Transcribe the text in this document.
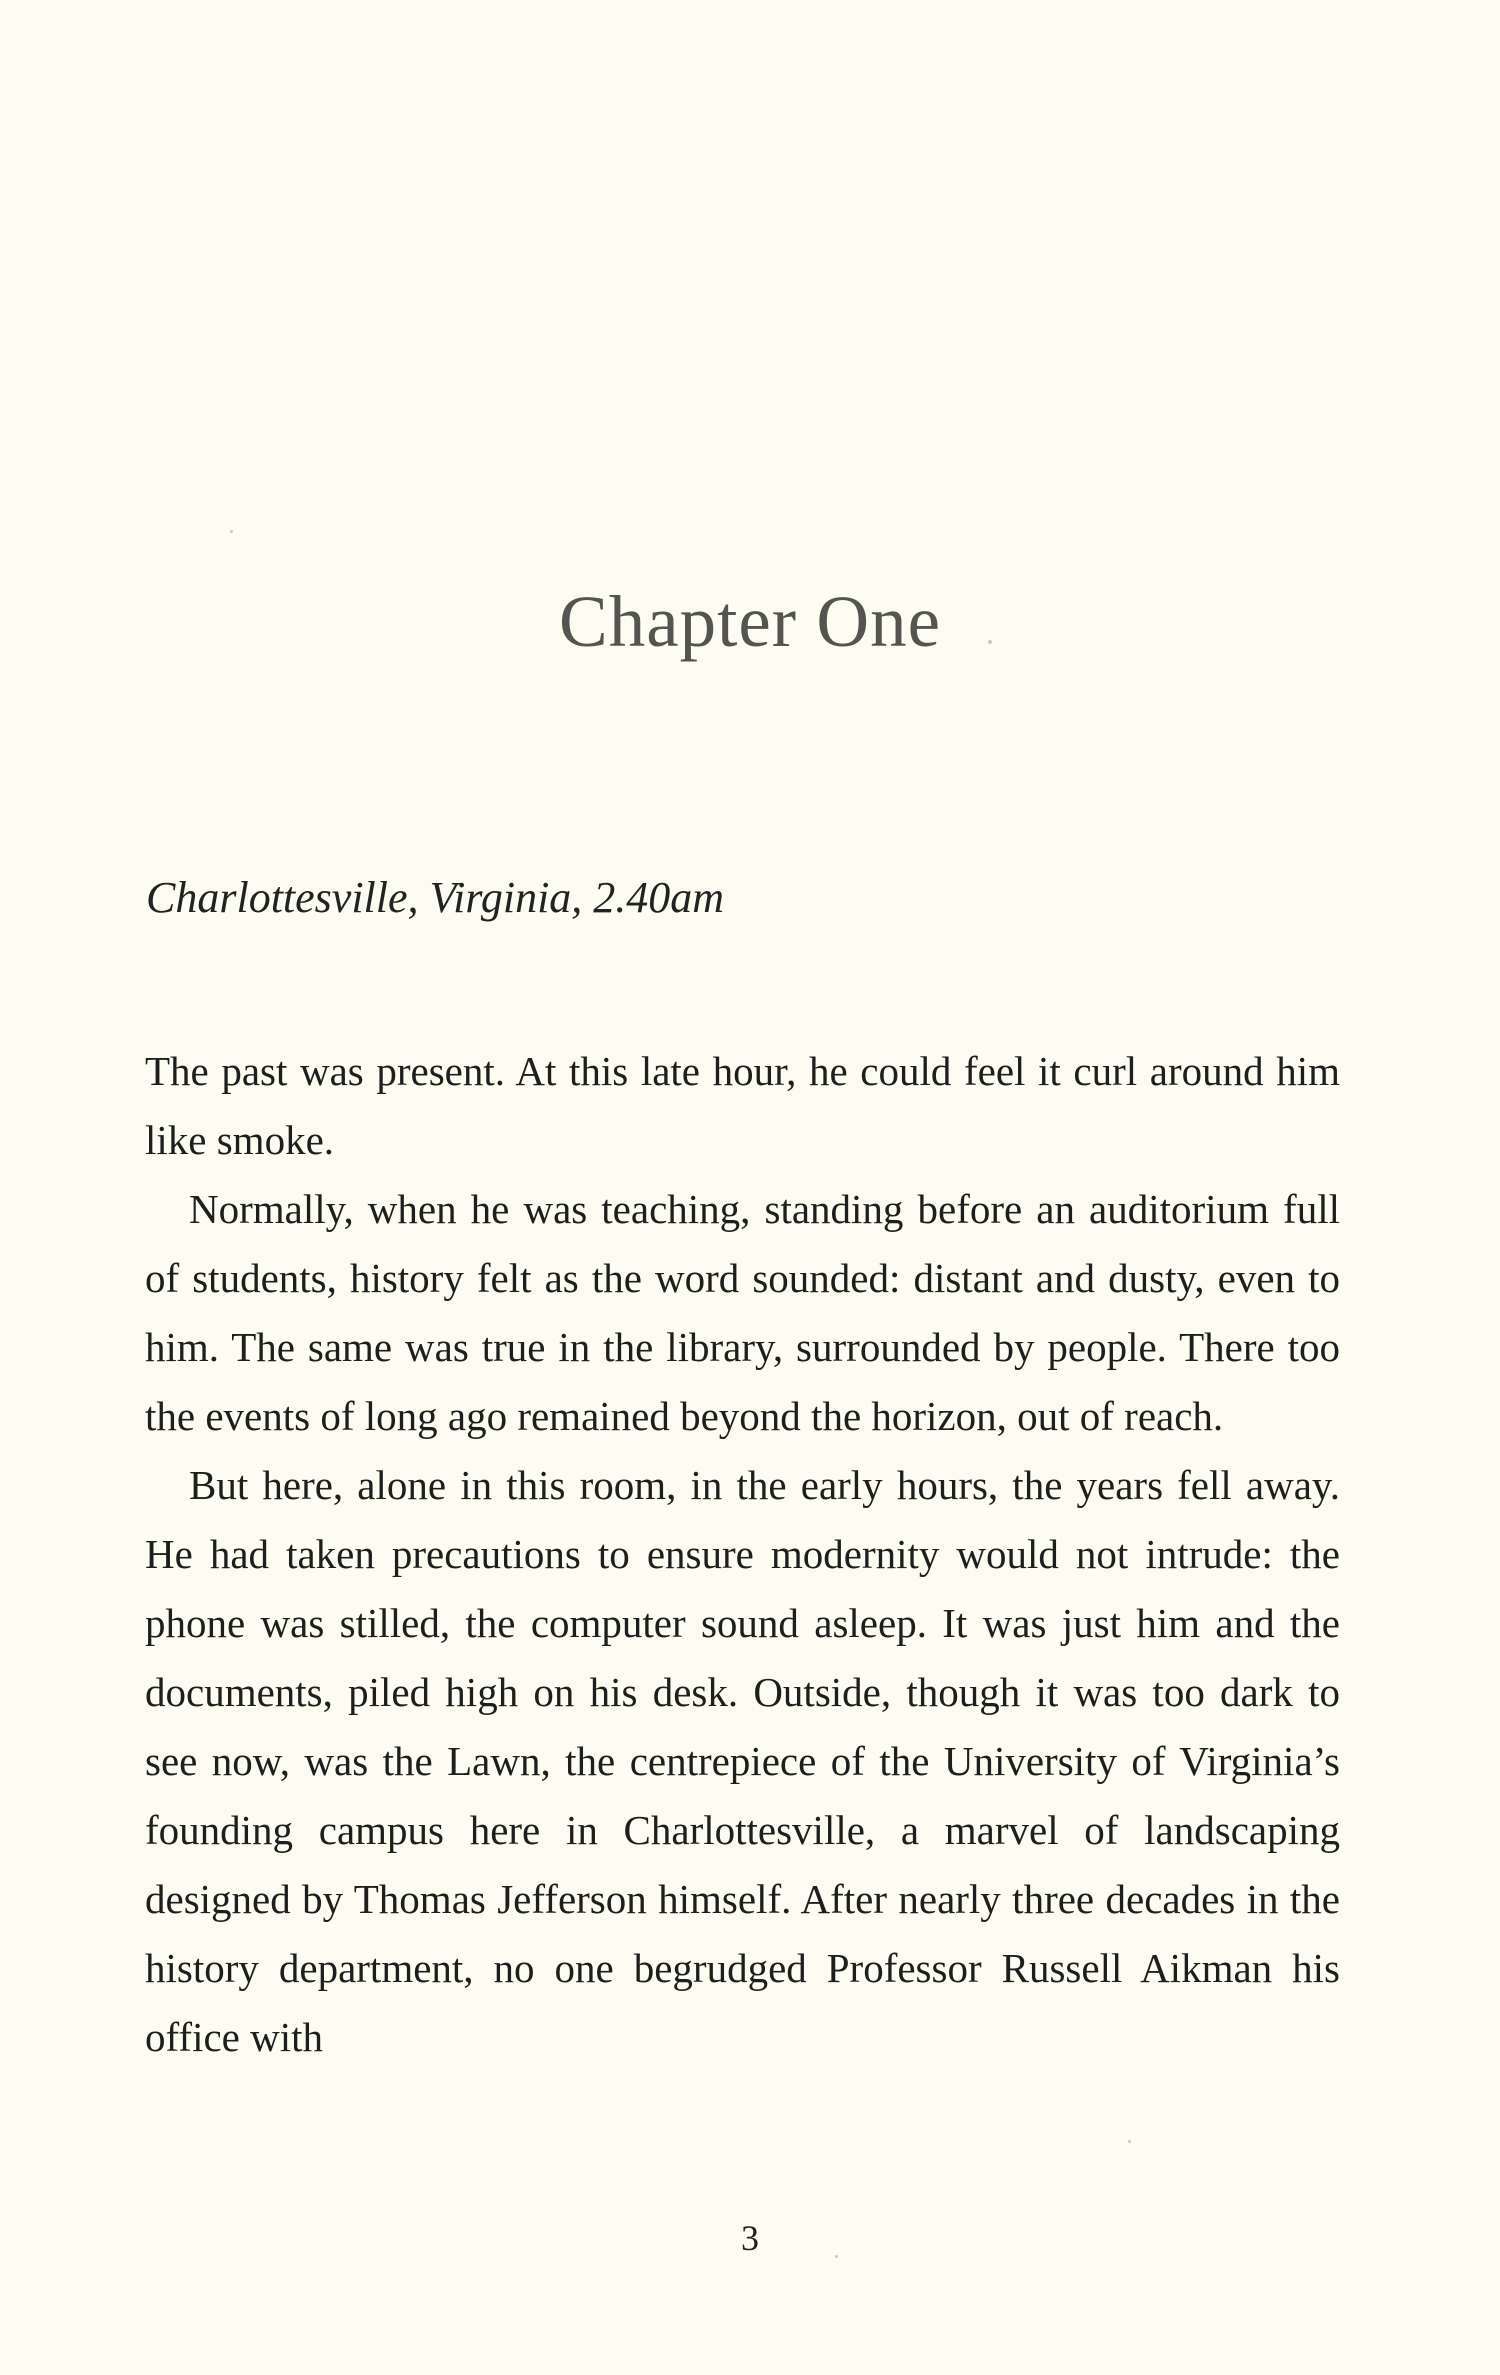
Chapter One

Charlottesville, Virginia, 2.40am

The past was present. At this late hour, he could feel it curl around him like smoke.

Normally, when he was teaching, standing before an auditorium full of students, history felt as the word sounded: distant and dusty, even to him. The same was true in the library, surrounded by people. There too the events of long ago remained beyond the horizon, out of reach.

But here, alone in this room, in the early hours, the years fell away. He had taken precautions to ensure modernity would not intrude: the phone was stilled, the computer sound asleep. It was just him and the documents, piled high on his desk. Outside, though it was too dark to see now, was the Lawn, the centrepiece of the University of Virginia’s founding campus here in Charlottesville, a marvel of landscaping designed by Thomas Jefferson himself. After nearly three decades in the history department, no one begrudged Professor Russell Aikman his office with

3
